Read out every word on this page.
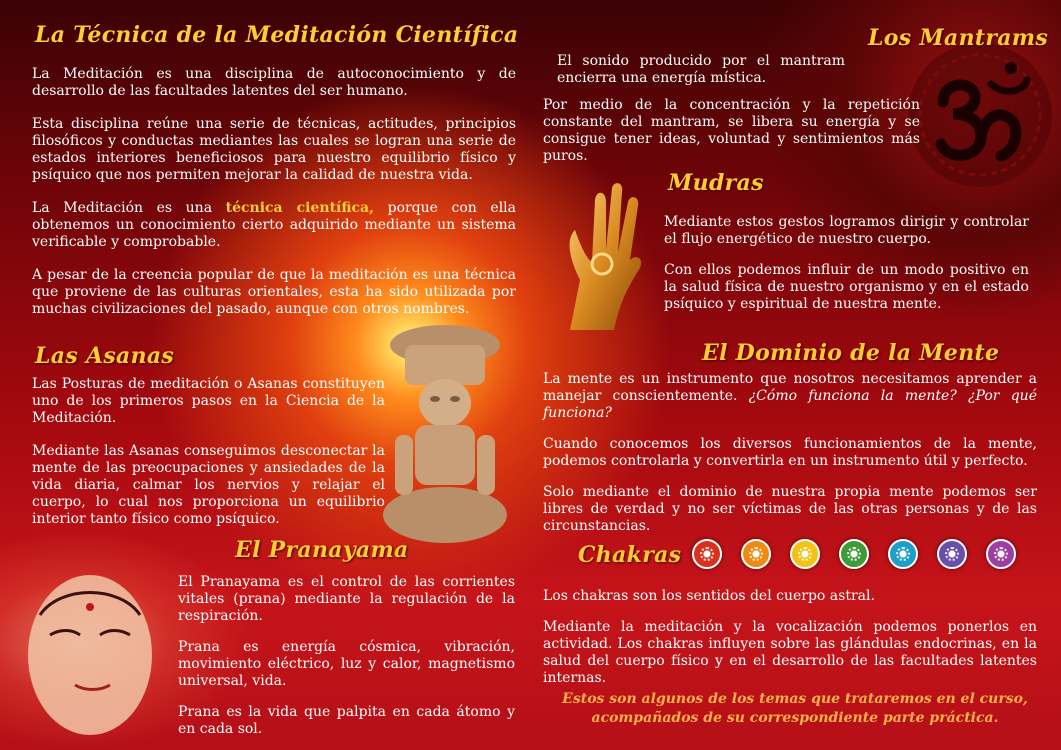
La Técnica de la Meditación Científica

La Meditación es una disciplina de autoconocimiento y de desarrollo de las facultades latentes del ser humano.

Esta disciplina reúne una serie de técnicas, actitudes, principios filosóficos y conductas mediantes las cuales se logran una serie de estados interiores beneficiosos para nuestro equilibrio físico y psíquico que nos permiten mejorar la calidad de nuestra vida.

La Meditación es una técnica científica, porque con ella obtenemos un conocimiento cierto adquirido mediante un sistema verificable y comprobable.

A pesar de la creencia popular de que la meditación es una técnica que proviene de las culturas orientales, esta ha sido utilizada por muchas civilizaciones del pasado, aunque con otros nombres.

Las Asanas

Las Posturas de meditación o Asanas constituyen uno de los primeros pasos en la Ciencia de la Meditación.

Mediante las Asanas conseguimos desconectar la mente de las preocupaciones y ansiedades de la vida diaria, calmar los nervios y relajar el cuerpo, lo cual nos proporciona un equilibrio interior tanto físico como psíquico.

El Pranayama

El Pranayama es el control de las corrientes vitales (prana) mediante la regulación de la respiración.

Prana es energía cósmica, vibración, movimiento eléctrico, luz y calor, magnetismo universal, vida.

Prana es la vida que palpita en cada átomo y en cada sol.

Los Mantrams

El sonido producido por el mantram encierra una energía mística.

Por medio de la concentración y la repetición constante del mantram, se libera su energía y se consigue tener ideas, voluntad y sentimientos más puros.

Mudras

Mediante estos gestos logramos dirigir y controlar el flujo energético de nuestro cuerpo.

Con ellos podemos influir de un modo positivo en la salud física de nuestro organismo y en el estado psíquico y espiritual de nuestra mente.

El Dominio de la Mente

La mente es un instrumento que nosotros necesitamos aprender a manejar conscientemente. ¿Cómo funciona la mente? ¿Por qué funciona?

Cuando conocemos los diversos funcionamientos de la mente, podemos controlarla y convertirla en un instrumento útil y perfecto.

Solo mediante el dominio de nuestra propia mente podemos ser libres de verdad y no ser víctimas de las otras personas y de las circunstancias.

Chakras

Los chakras son los sentidos del cuerpo astral.

Mediante la meditación y la vocalización podemos ponerlos en actividad. Los chakras influyen sobre las glándulas endocrinas, en la salud del cuerpo físico y en el desarrollo de las facultades latentes internas.

Estos son algunos de los temas que trataremos en el curso, acompañados de su correspondiente parte práctica.
